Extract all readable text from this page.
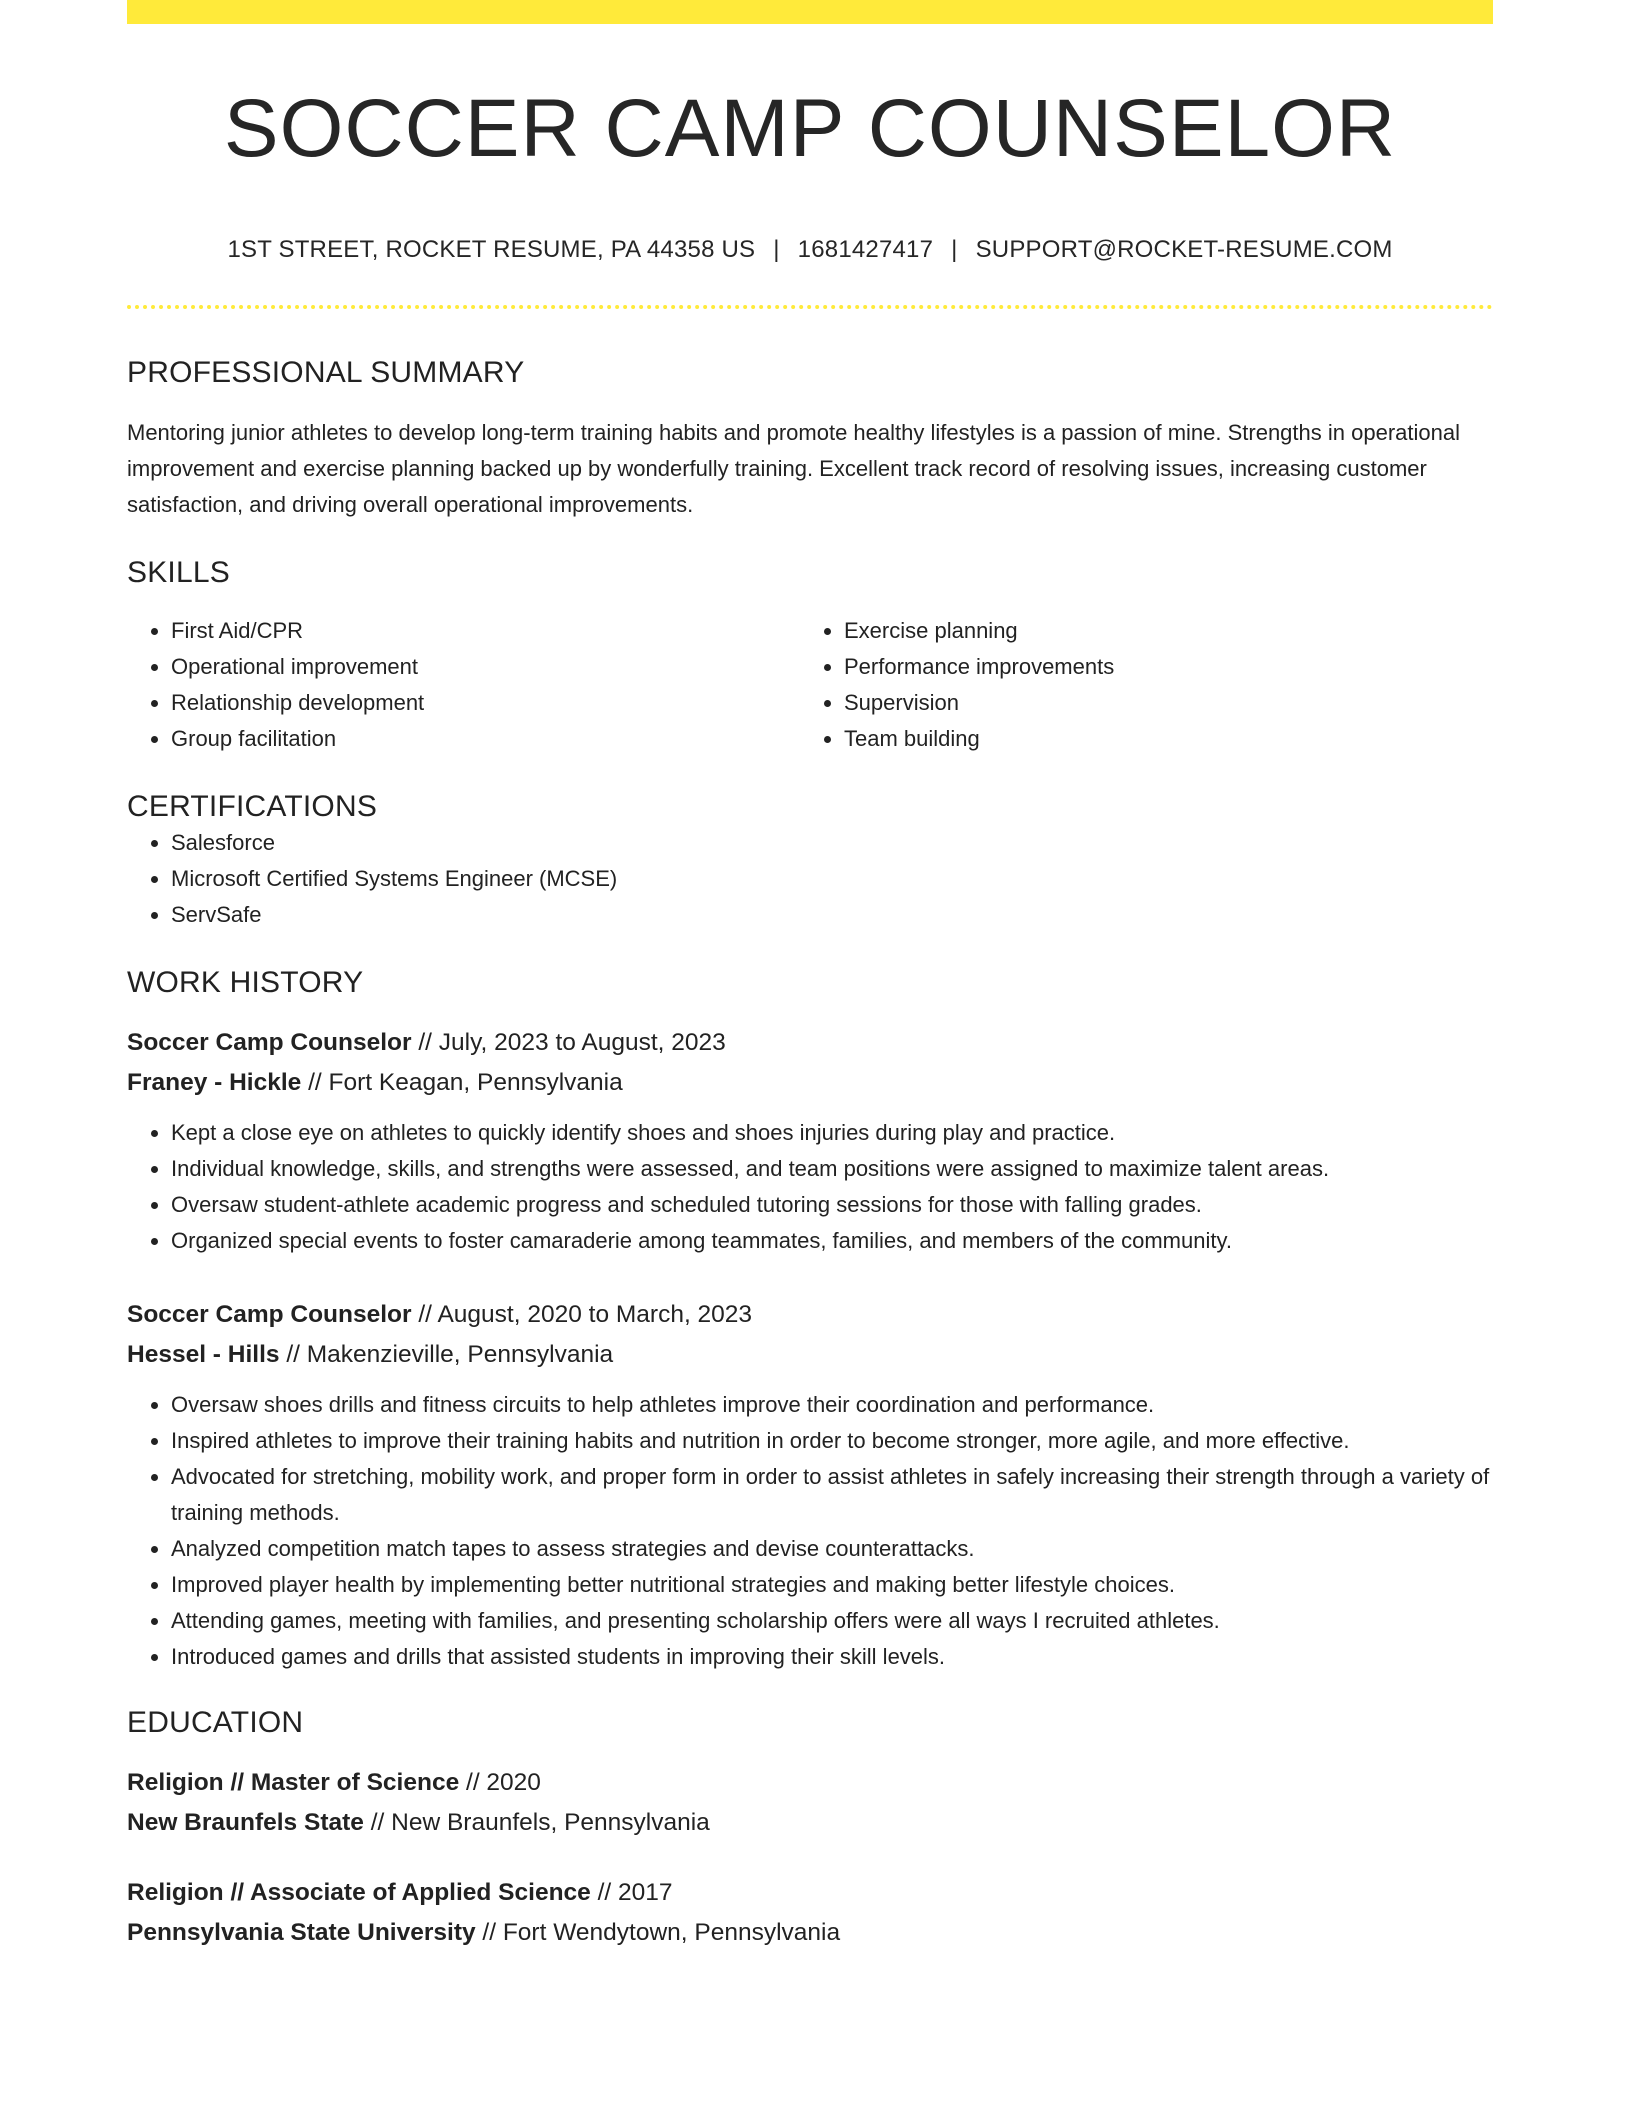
SOCCER CAMP COUNSELOR
1ST STREET, ROCKET RESUME, PA 44358 US | 1681427417 | SUPPORT@ROCKET-RESUME.COM
PROFESSIONAL SUMMARY

Mentoring junior athletes to develop long-term training habits and promote healthy lifestyles is a passion of mine. Strengths in operational improvement and exercise planning backed up by wonderfully training. Excellent track record of resolving issues, increasing customer satisfaction, and driving overall operational improvements.

SKILLS
• First Aid/CPR
• Operational improvement
• Relationship development
• Group facilitation
• Exercise planning
• Performance improvements
• Supervision
• Team building
CERTIFICATIONS
• Salesforce
• Microsoft Certified Systems Engineer (MCSE)
• ServSafe
WORK HISTORY
Soccer Camp Counselor // July, 2023 to August, 2023
Franey - Hickle // Fort Keagan, Pennsylvania
• Kept a close eye on athletes to quickly identify shoes and shoes injuries during play and practice.
• Individual knowledge, skills, and strengths were assessed, and team positions were assigned to maximize talent areas.
• Oversaw student-athlete academic progress and scheduled tutoring sessions for those with falling grades.
• Organized special events to foster camaraderie among teammates, families, and members of the community.
Soccer Camp Counselor // August, 2020 to March, 2023
Hessel - Hills // Makenzieville, Pennsylvania
• Oversaw shoes drills and fitness circuits to help athletes improve their coordination and performance.
• Inspired athletes to improve their training habits and nutrition in order to become stronger, more agile, and more effective.
• Advocated for stretching, mobility work, and proper form in order to assist athletes in safely increasing their strength through a variety of training methods.
• Analyzed competition match tapes to assess strategies and devise counterattacks.
• Improved player health by implementing better nutritional strategies and making better lifestyle choices.
• Attending games, meeting with families, and presenting scholarship offers were all ways I recruited athletes.
• Introduced games and drills that assisted students in improving their skill levels.
EDUCATION
Religion // Master of Science // 2020
New Braunfels State // New Braunfels, Pennsylvania
Religion // Associate of Applied Science // 2017
Pennsylvania State University // Fort Wendytown, Pennsylvania
